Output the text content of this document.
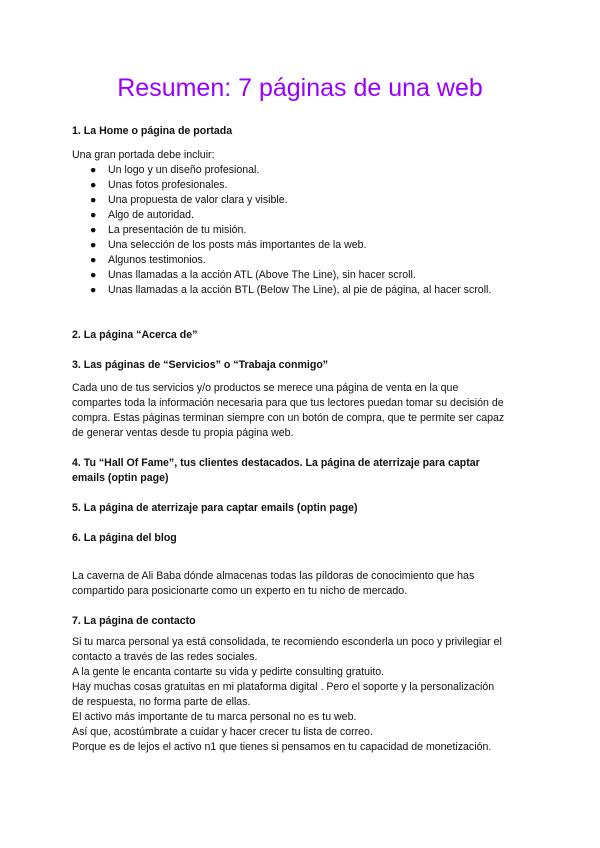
Resumen: 7 páginas de una web

1. La Home o página de portada

Una gran portada debe incluir:

● Un logo y un diseño profesional.
● Unas fotos profesionales.
● Una propuesta de valor clara y visible.
● Algo de autoridad.
● La presentación de tu misión.
● Una selección de los posts más importantes de la web.
● Algunos testimonios.
● Unas llamadas a la acción ATL (Above The Line), sin hacer scroll.
● Unas llamadas a la acción BTL (Below The Line), al pie de página, al hacer scroll.

2. La página “Acerca de”

3. Las páginas de “Servicios” o “Trabaja conmigo”

Cada uno de tus servicios y/o productos se merece una página de venta en la que

compartes toda la información necesaria para que tus lectores puedan tomar su decisión de

compra. Estas páginas terminan siempre con un botón de compra, que te permite ser capaz

de generar ventas desde tu propia página web.

4. Tu “Hall Of Fame”, tus clientes destacados. La página de aterrizaje para captar

emails (optin page)

5. La página de aterrizaje para captar emails (optin page)

6. La página del blog

La caverna de Ali Baba dónde almacenas todas las píldoras de conocimiento que has

compartido para posicionarte como un experto en tu nicho de mercado.

7. La página de contacto

Si tu marca personal ya está consolidada, te recomiendo esconderla un poco y privilegiar el

contacto a través de las redes sociales.

A la gente le encanta contarte su vida y pedirte consulting gratuito.

Hay muchas cosas gratuitas en mi plataforma digital . Pero el soporte y la personalización

de respuesta, no forma parte de ellas.

El activo más importante de tu marca personal no es tu web.

Así que, acostúmbrate a cuidar y hacer crecer tu lista de correo.

Porque es de lejos el activo n1 que tienes si pensamos en tu capacidad de monetización.
